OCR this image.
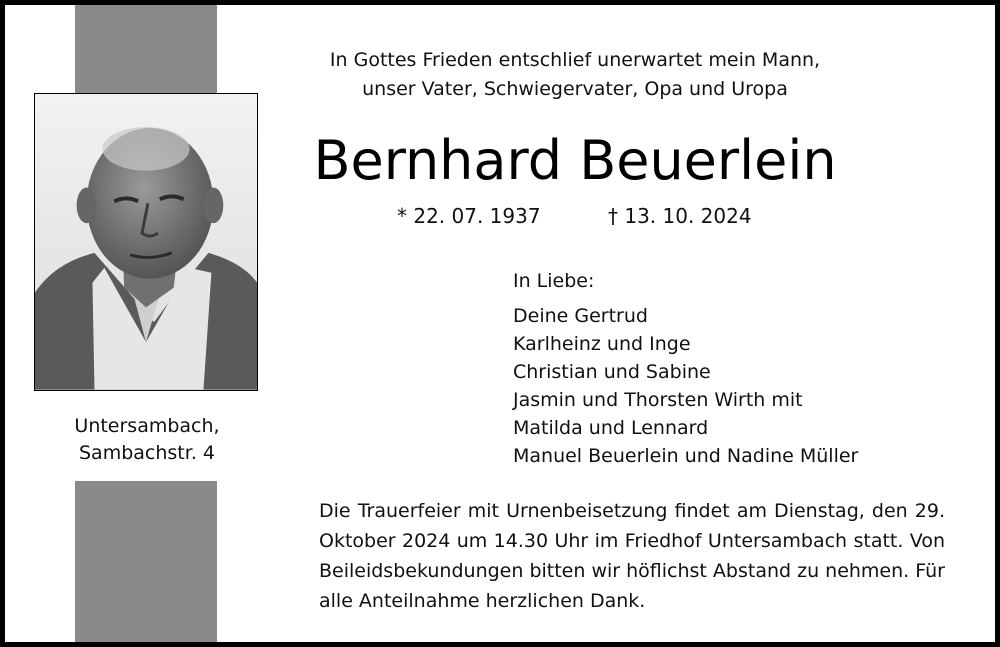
Untersambach,
Sambachstr. 4
In Gottes Frieden entschlief unerwartet mein Mann,
unser Vater, Schwiegervater, Opa und Uropa
Bernhard Beuerlein
* 22. 07. 1937	† 13. 10. 2024
In Liebe:
Deine Gertrud
Karlheinz und Inge
Christian und Sabine
Jasmin und Thorsten Wirth mit
Matilda und Lennard
Manuel Beuerlein und Nadine Müller

Die Trauerfeier mit Urnenbeisetzung findet am Dienstag, den 29. Oktober 2024 um 14.30 Uhr im Friedhof Untersambach statt. Von Beileidsbekundungen bitten wir höflichst Abstand zu nehmen. Für alle Anteilnahme herzlichen Dank.
